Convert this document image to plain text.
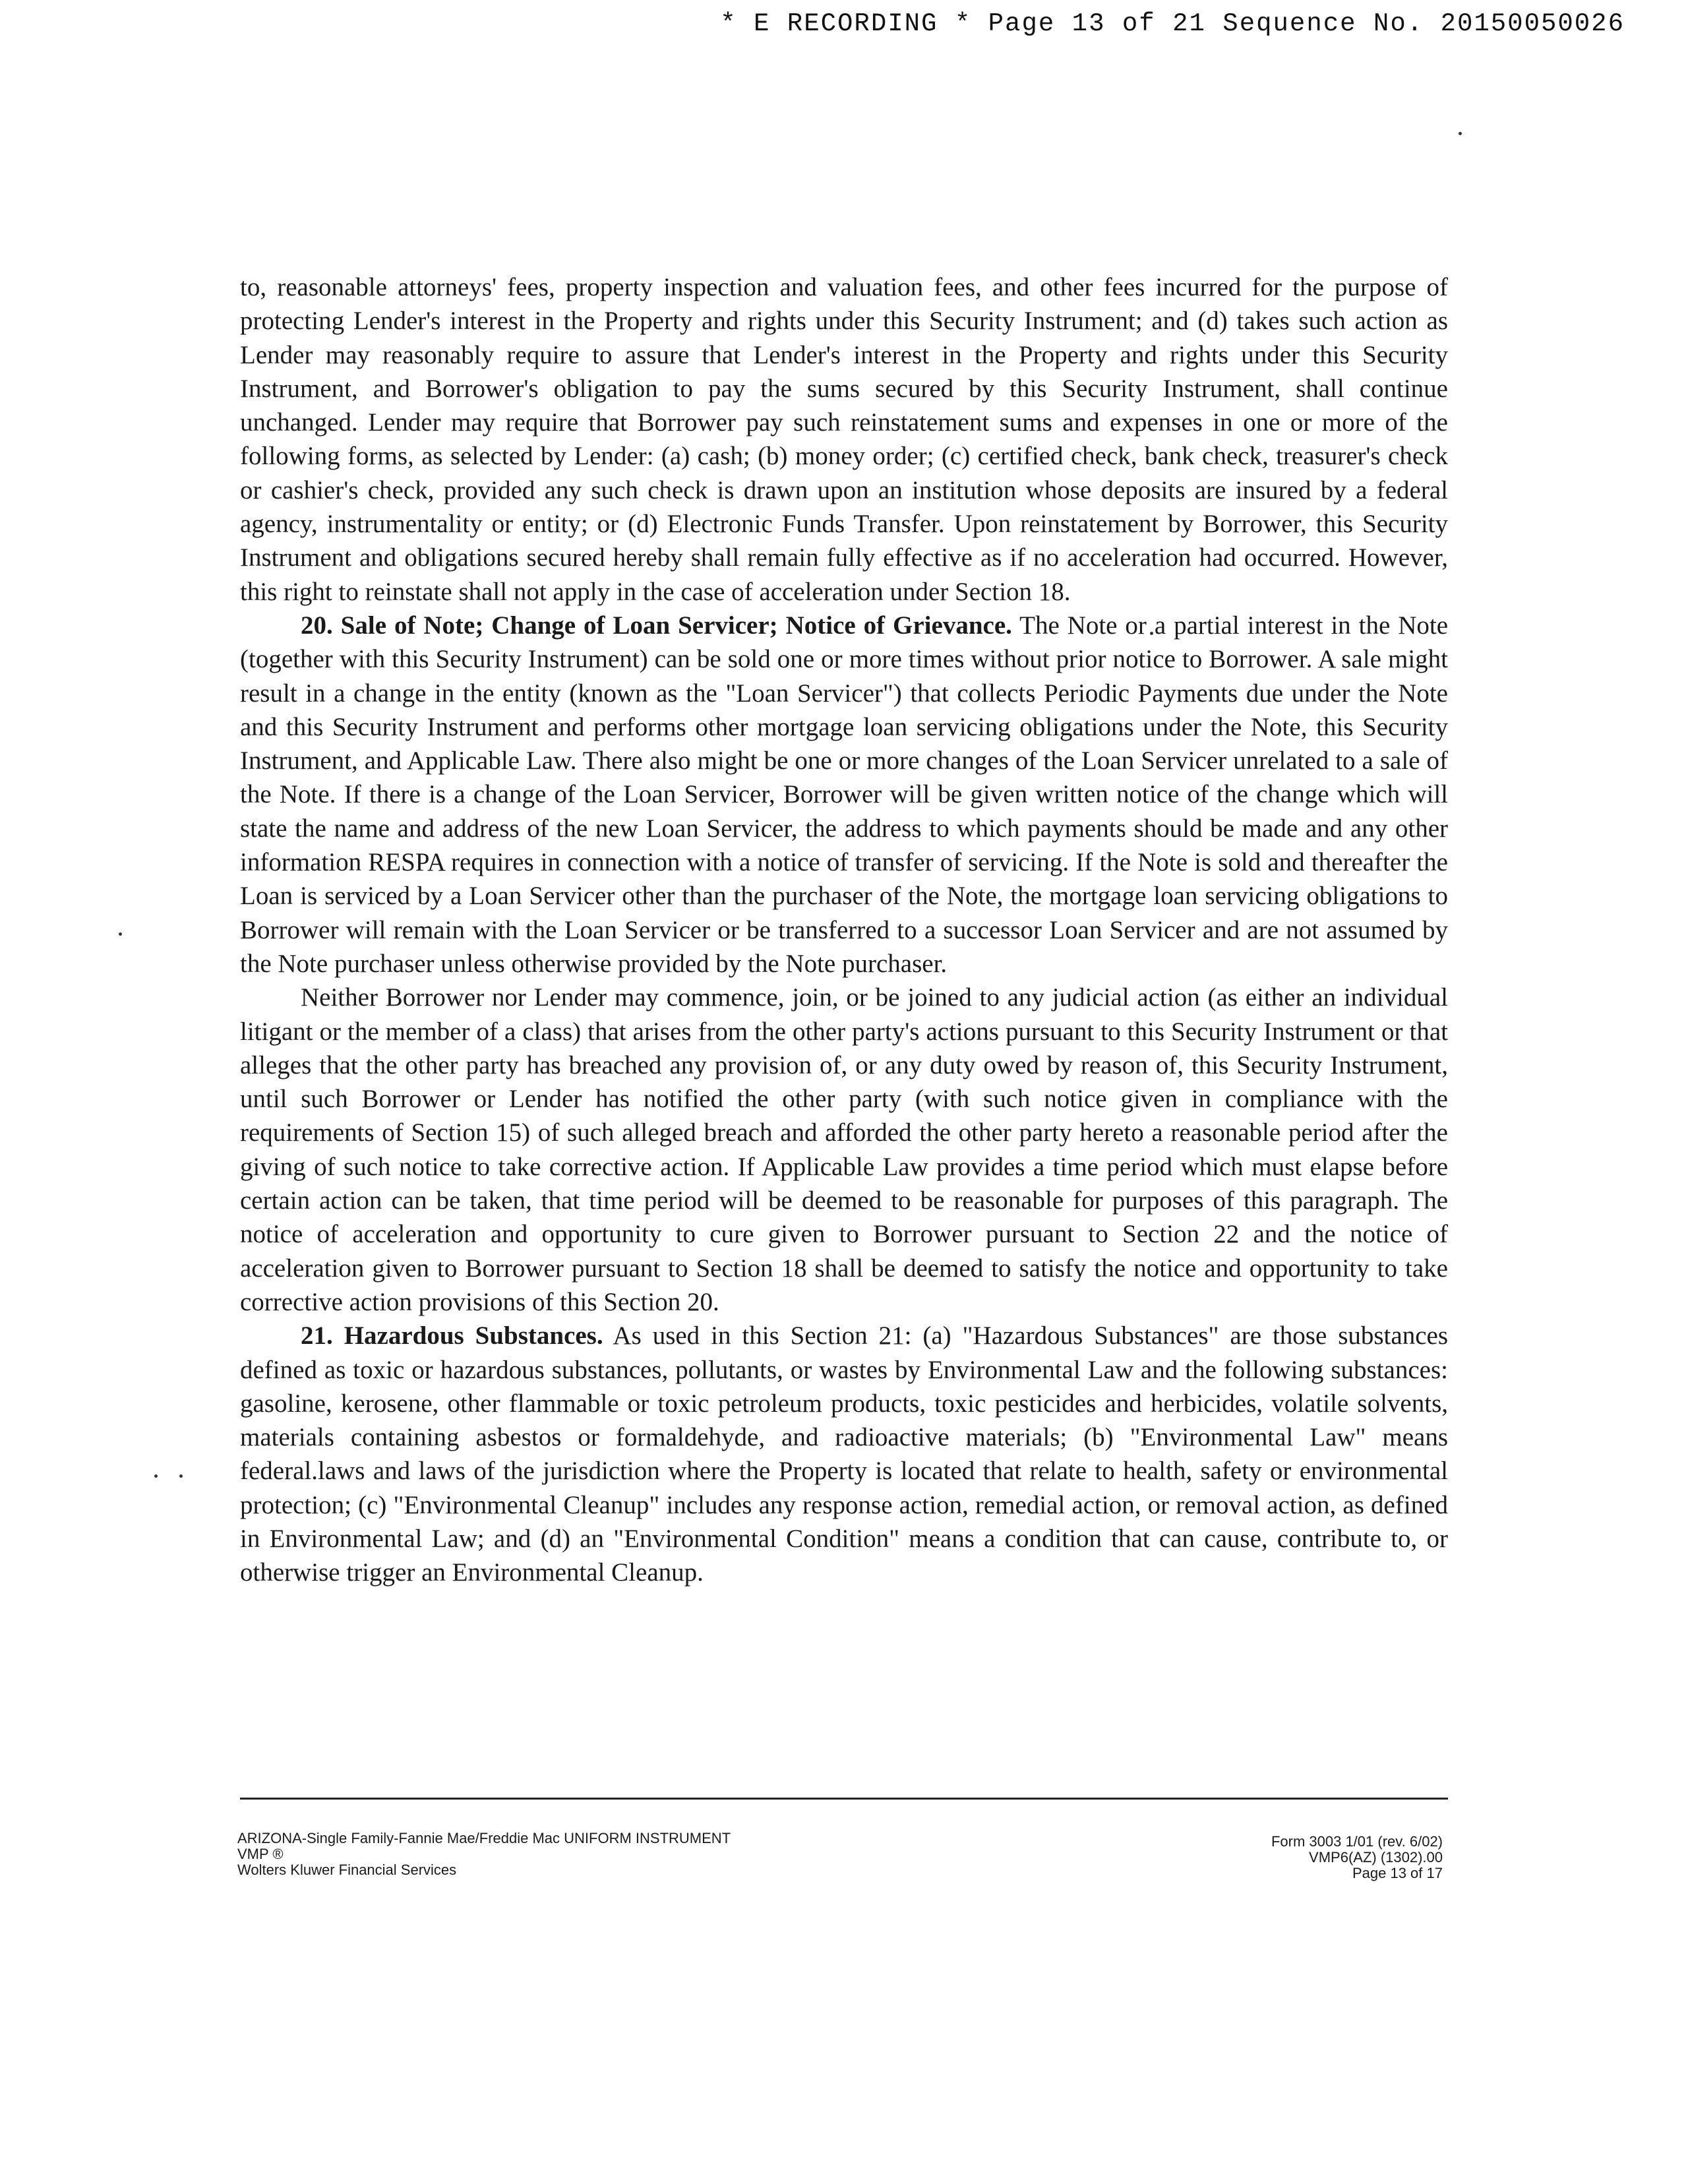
* E RECORDING * Page 13 of 21 Sequence No. 20150050026

to, reasonable attorneys' fees, property inspection and valuation fees, and other fees incurred for the purpose of protecting Lender's interest in the Property and rights under this Security Instrument; and (d) takes such action as Lender may reasonably require to assure that Lender's interest in the Property and rights under this Security Instrument, and Borrower's obligation to pay the sums secured by this Security Instrument, shall continue unchanged. Lender may require that Borrower pay such reinstatement sums and expenses in one or more of the following forms, as selected by Lender: (a) cash; (b) money order; (c) certified check, bank check, treasurer's check or cashier's check, provided any such check is drawn upon an institution whose deposits are insured by a federal agency, instrumentality or entity; or (d) Electronic Funds Transfer. Upon reinstatement by Borrower, this Security Instrument and obligations secured hereby shall remain fully effective as if no acceleration had occurred. However, this right to reinstate shall not apply in the case of acceleration under Section 18.

20. Sale of Note; Change of Loan Servicer; Notice of Grievance. The Note or a partial interest in the Note (together with this Security Instrument) can be sold one or more times without prior notice to Borrower. A sale might result in a change in the entity (known as the "Loan Servicer") that collects Periodic Payments due under the Note and this Security Instrument and performs other mortgage loan servicing obligations under the Note, this Security Instrument, and Applicable Law. There also might be one or more changes of the Loan Servicer unrelated to a sale of the Note. If there is a change of the Loan Servicer, Borrower will be given written notice of the change which will state the name and address of the new Loan Servicer, the address to which payments should be made and any other information RESPA requires in connection with a notice of transfer of servicing. If the Note is sold and thereafter the Loan is serviced by a Loan Servicer other than the purchaser of the Note, the mortgage loan servicing obligations to Borrower will remain with the Loan Servicer or be transferred to a successor Loan Servicer and are not assumed by the Note purchaser unless otherwise provided by the Note purchaser.

Neither Borrower nor Lender may commence, join, or be joined to any judicial action (as either an individual litigant or the member of a class) that arises from the other party's actions pursuant to this Security Instrument or that alleges that the other party has breached any provision of, or any duty owed by reason of, this Security Instrument, until such Borrower or Lender has notified the other party (with such notice given in compliance with the requirements of Section 15) of such alleged breach and afforded the other party hereto a reasonable period after the giving of such notice to take corrective action. If Applicable Law provides a time period which must elapse before certain action can be taken, that time period will be deemed to be reasonable for purposes of this paragraph. The notice of acceleration and opportunity to cure given to Borrower pursuant to Section 22 and the notice of acceleration given to Borrower pursuant to Section 18 shall be deemed to satisfy the notice and opportunity to take corrective action provisions of this Section 20.

21. Hazardous Substances. As used in this Section 21: (a) "Hazardous Substances" are those substances defined as toxic or hazardous substances, pollutants, or wastes by Environmental Law and the following substances: gasoline, kerosene, other flammable or toxic petroleum products, toxic pesticides and herbicides, volatile solvents, materials containing asbestos or formaldehyde, and radioactive materials; (b) "Environmental Law" means federal.laws and laws of the jurisdiction where the Property is located that relate to health, safety or environmental protection; (c) "Environmental Cleanup" includes any response action, remedial action, or removal action, as defined in Environmental Law; and (d) an "Environmental Condition" means a condition that can cause, contribute to, or otherwise trigger an Environmental Cleanup.

ARIZONA-Single Family-Fannie Mae/Freddie Mac UNIFORM INSTRUMENT
VMP ®
Wolters Kluwer Financial Services
Form 3003 1/01 (rev. 6/02)
VMP6(AZ) (1302).00
Page 13 of 17
